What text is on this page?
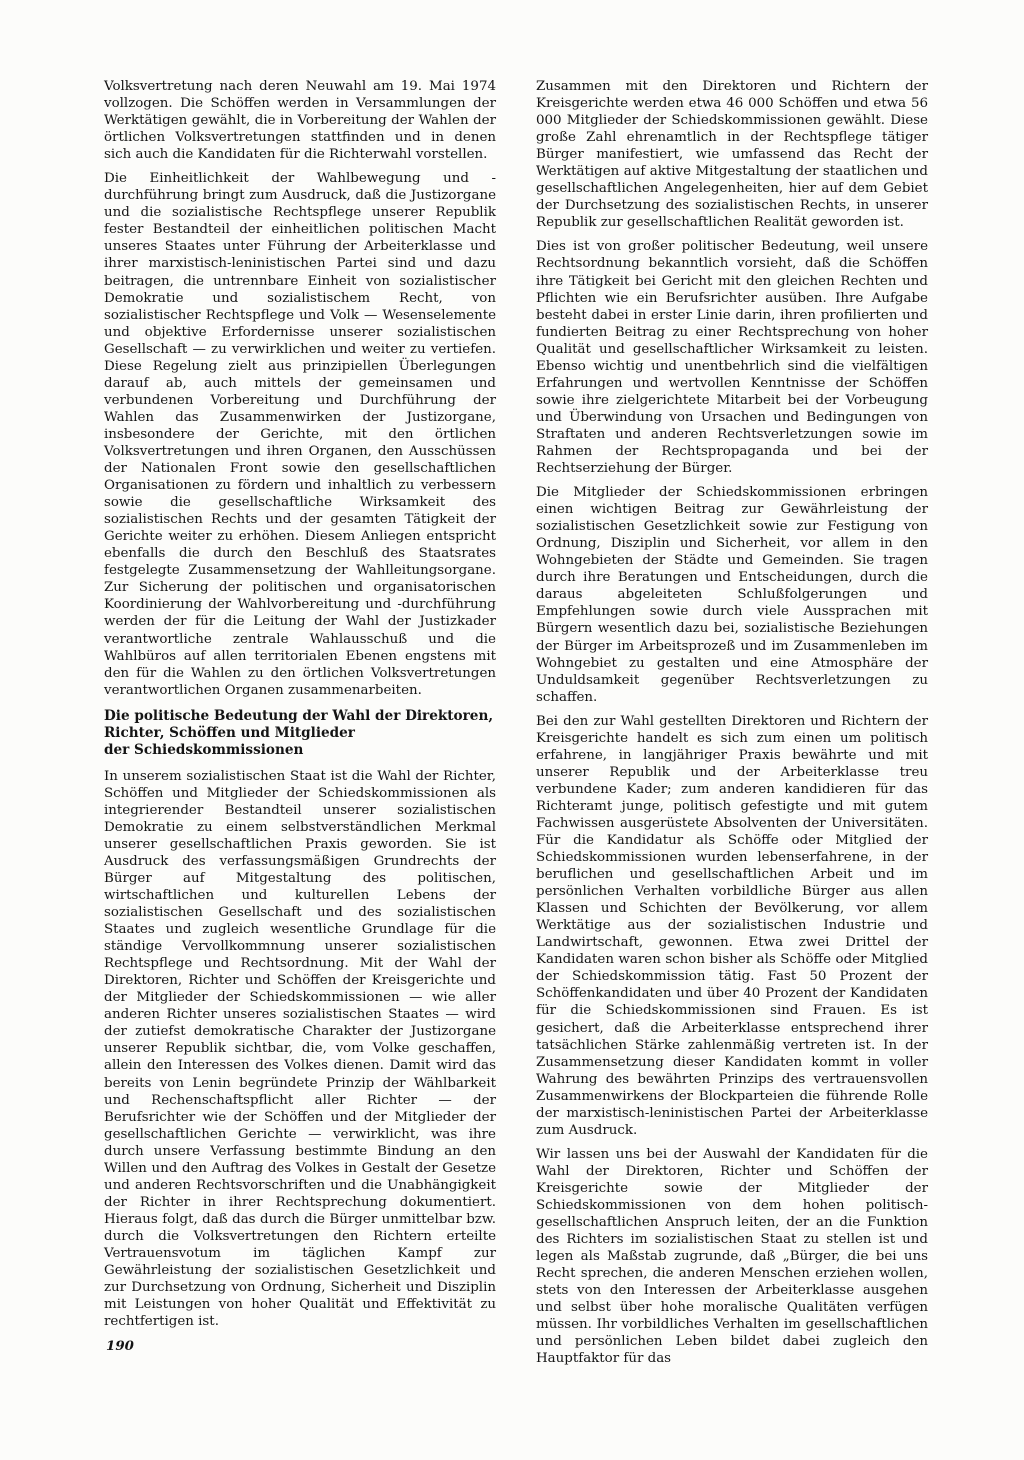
Volksvertretung nach deren Neuwahl am 19. Mai 1974 vollzogen. Die Schöffen werden in Versammlungen der Werktätigen gewählt, die in Vorbereitung der Wahlen der örtlichen Volksvertretungen stattfinden und in denen sich auch die Kandidaten für die Richterwahl vorstellen.

Die Einheitlichkeit der Wahlbewegung und -durchführung bringt zum Ausdruck, daß die Justizorgane und die sozialistische Rechtspflege unserer Republik fester Bestandteil der einheitlichen politischen Macht unseres Staates unter Führung der Arbeiterklasse und ihrer marxistisch-leninistischen Partei sind und dazu beitragen, die untrennbare Einheit von sozialistischer Demokratie und sozialistischem Recht, von sozialistischer Rechtspflege und Volk — Wesenselemente und objektive Erfordernisse unserer sozialistischen Gesellschaft — zu verwirklichen und weiter zu vertiefen. Diese Regelung zielt aus prinzipiellen Überlegungen darauf ab, auch mittels der gemeinsamen und verbundenen Vorbereitung und Durchführung der Wahlen das Zusammenwirken der Justizorgane, insbesondere der Gerichte, mit den örtlichen Volksvertretungen und ihren Organen, den Ausschüssen der Nationalen Front sowie den gesellschaftlichen Organisationen zu fördern und inhaltlich zu verbessern sowie die gesellschaftliche Wirksamkeit des sozialistischen Rechts und der gesamten Tätigkeit der Gerichte weiter zu erhöhen. Diesem Anliegen entspricht ebenfalls die durch den Beschluß des Staatsrates festgelegte Zusammensetzung der Wahlleitungsorgane. Zur Sicherung der politischen und organisatorischen Koordinierung der Wahlvorbereitung und -durchführung werden der für die Leitung der Wahl der Justizkader verantwortliche zentrale Wahlausschuß und die Wahlbüros auf allen territorialen Ebenen engstens mit den für die Wahlen zu den örtlichen Volksvertretungen verantwortlichen Organen zusammenarbeiten.

Die politische Bedeutung der Wahl der Direktoren,
Richter, Schöffen und Mitglieder
der Schiedskommissionen

In unserem sozialistischen Staat ist die Wahl der Richter, Schöffen und Mitglieder der Schiedskommissionen als integrierender Bestandteil unserer sozialistischen Demokratie zu einem selbstverständlichen Merkmal unserer gesellschaftlichen Praxis geworden. Sie ist Ausdruck des verfassungsmäßigen Grundrechts der Bürger auf Mitgestaltung des politischen, wirtschaftlichen und kulturellen Lebens der sozialistischen Gesellschaft und des sozialistischen Staates und zugleich wesentliche Grundlage für die ständige Vervollkommnung unserer sozialistischen Rechtspflege und Rechtsordnung. Mit der Wahl der Direktoren, Richter und Schöffen der Kreisgerichte und der Mitglieder der Schiedskommissionen — wie aller anderen Richter unseres sozialistischen Staates — wird der zutiefst demokratische Charakter der Justizorgane unserer Republik sichtbar, die, vom Volke geschaffen, allein den Interessen des Volkes dienen. Damit wird das bereits von Lenin begründete Prinzip der Wählbarkeit und Rechenschaftspflicht aller Richter — der Berufsrichter wie der Schöffen und der Mitglieder der gesellschaftlichen Gerichte — verwirklicht, was ihre durch unsere Verfassung bestimmte Bindung an den Willen und den Auftrag des Volkes in Gestalt der Gesetze und anderen Rechtsvorschriften und die Unabhängigkeit der Richter in ihrer Rechtsprechung dokumentiert. Hieraus folgt, daß das durch die Bürger unmittelbar bzw. durch die Volksvertretungen den Richtern erteilte Vertrauensvotum im täglichen Kampf zur Gewährleistung der sozialistischen Gesetzlichkeit und zur Durchsetzung von Ordnung, Sicherheit und Disziplin mit Leistungen von hoher Qualität und Effektivität zu rechtfertigen ist.

Zusammen mit den Direktoren und Richtern der Kreisgerichte werden etwa 46 000 Schöffen und etwa 56 000 Mitglieder der Schiedskommissionen gewählt. Diese große Zahl ehrenamtlich in der Rechtspflege tätiger Bürger manifestiert, wie umfassend das Recht der Werktätigen auf aktive Mitgestaltung der staatlichen und gesellschaftlichen Angelegenheiten, hier auf dem Gebiet der Durchsetzung des sozialistischen Rechts, in unserer Republik zur gesellschaftlichen Realität geworden ist.

Dies ist von großer politischer Bedeutung, weil unsere Rechtsordnung bekanntlich vorsieht, daß die Schöffen ihre Tätigkeit bei Gericht mit den gleichen Rechten und Pflichten wie ein Berufsrichter ausüben. Ihre Aufgabe besteht dabei in erster Linie darin, ihren profilierten und fundierten Beitrag zu einer Rechtsprechung von hoher Qualität und gesellschaftlicher Wirksamkeit zu leisten. Ebenso wichtig und unentbehrlich sind die vielfältigen Erfahrungen und wertvollen Kenntnisse der Schöffen sowie ihre zielgerichtete Mitarbeit bei der Vorbeugung und Überwindung von Ursachen und Bedingungen von Straftaten und anderen Rechtsverletzungen sowie im Rahmen der Rechtspropaganda und bei der Rechtserziehung der Bürger.

Die Mitglieder der Schiedskommissionen erbringen einen wichtigen Beitrag zur Gewährleistung der sozialistischen Gesetzlichkeit sowie zur Festigung von Ordnung, Disziplin und Sicherheit, vor allem in den Wohngebieten der Städte und Gemeinden. Sie tragen durch ihre Beratungen und Entscheidungen, durch die daraus abgeleiteten Schlußfolgerungen und Empfehlungen sowie durch viele Aussprachen mit Bürgern wesentlich dazu bei, sozialistische Beziehungen der Bürger im Arbeitsprozeß und im Zusammenleben im Wohngebiet zu gestalten und eine Atmosphäre der Unduldsamkeit gegenüber Rechtsverletzungen zu schaffen.

Bei den zur Wahl gestellten Direktoren und Richtern der Kreisgerichte handelt es sich zum einen um politisch erfahrene, in langjähriger Praxis bewährte und mit unserer Republik und der Arbeiterklasse treu verbundene Kader; zum anderen kandidieren für das Richteramt junge, politisch gefestigte und mit gutem Fachwissen ausgerüstete Absolventen der Universitäten. Für die Kandidatur als Schöffe oder Mitglied der Schiedskommissionen wurden lebenserfahrene, in der beruflichen und gesellschaftlichen Arbeit und im persönlichen Verhalten vorbildliche Bürger aus allen Klassen und Schichten der Bevölkerung, vor allem Werktätige aus der sozialistischen Industrie und Landwirtschaft, gewonnen. Etwa zwei Drittel der Kandidaten waren schon bisher als Schöffe oder Mitglied der Schiedskommission tätig. Fast 50 Prozent der Schöffenkandidaten und über 40 Prozent der Kandidaten für die Schiedskommissionen sind Frauen. Es ist gesichert, daß die Arbeiterklasse entsprechend ihrer tatsächlichen Stärke zahlenmäßig vertreten ist. In der Zusammensetzung dieser Kandidaten kommt in voller Wahrung des bewährten Prinzips des vertrauensvollen Zusammenwirkens der Blockparteien die führende Rolle der marxistisch-leninistischen Partei der Arbeiterklasse zum Ausdruck.

Wir lassen uns bei der Auswahl der Kandidaten für die Wahl der Direktoren, Richter und Schöffen der Kreisgerichte sowie der Mitglieder der Schiedskommissionen von dem hohen politisch-gesellschaftlichen Anspruch leiten, der an die Funktion des Richters im sozialistischen Staat zu stellen ist und legen als Maßstab zugrunde, daß „Bürger, die bei uns Recht sprechen, die anderen Menschen erziehen wollen, stets von den Interessen der Arbeiterklasse ausgehen und selbst über hohe moralische Qualitäten verfügen müssen. Ihr vorbildliches Verhalten im gesellschaftlichen und persönlichen Leben bildet dabei zugleich den Hauptfaktor für das

190
